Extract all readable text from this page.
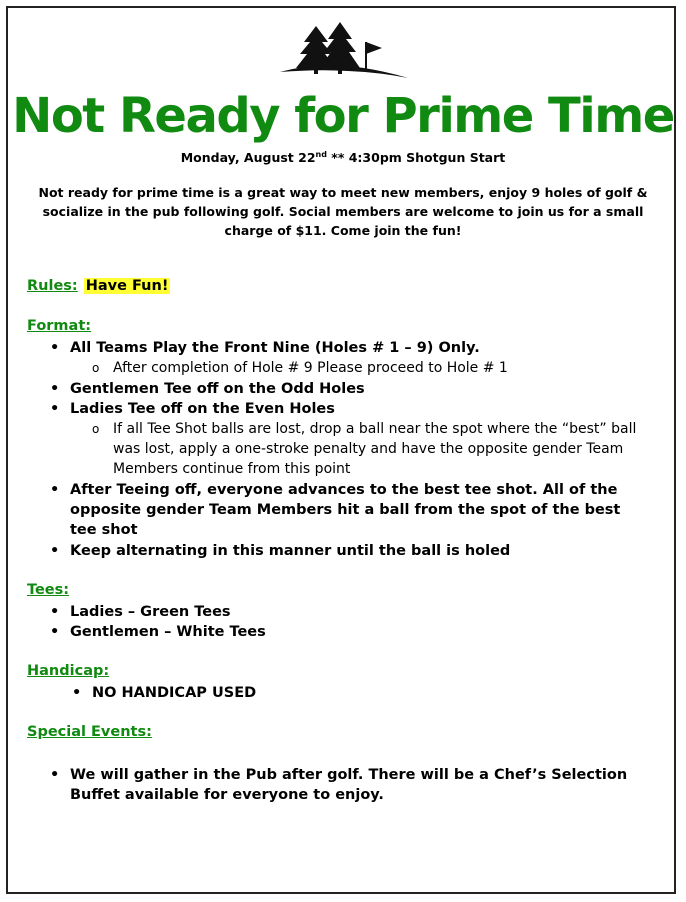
Not Ready for Prime Time
Monday, August 22nd ** 4:30pm Shotgun Start
Not ready for prime time is a great way to meet new members, enjoy 9 holes of golf & socialize in the pub following golf. Social members are welcome to join us for a small charge of $11. Come join the fun!
Rules: Have Fun!
Format:
• All Teams Play the Front Nine (Holes # 1 – 9) Only.
o After completion of Hole # 9 Please proceed to Hole # 1
• Gentlemen Tee off on the Odd Holes
• Ladies Tee off on the Even Holes
o If all Tee Shot balls are lost, drop a ball near the spot where the “best” ball was lost, apply a one-stroke penalty and have the opposite gender Team Members continue from this point
• After Teeing off, everyone advances to the best tee shot. All of the opposite gender Team Members hit a ball from the spot of the best tee shot
• Keep alternating in this manner until the ball is holed
Tees:
• Ladies – Green Tees
• Gentlemen – White Tees
Handicap:
• NO HANDICAP USED
Special Events:
• We will gather in the Pub after golf. There will be a Chef’s Selection Buffet available for everyone to enjoy.
